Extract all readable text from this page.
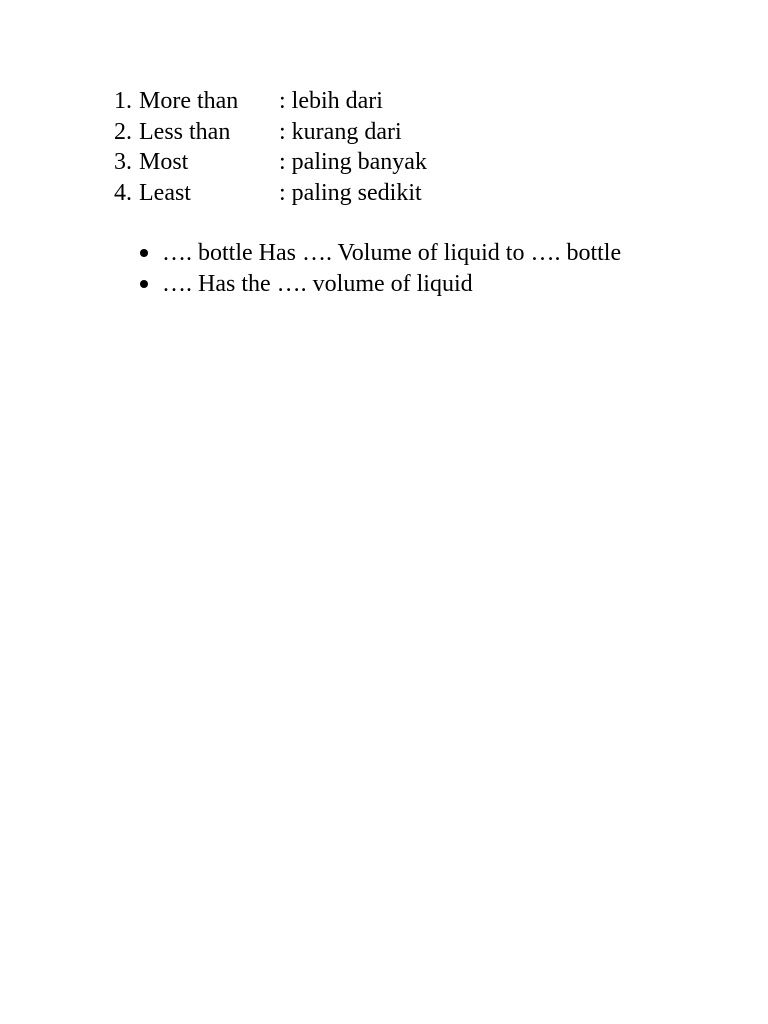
1. More than	: lebih dari
2. Less than	: kurang dari
3. Most	: paling banyak
4. Least	: paling sedikit
…. bottle Has …. Volume of liquid to …. bottle
…. Has the …. volume of liquid
